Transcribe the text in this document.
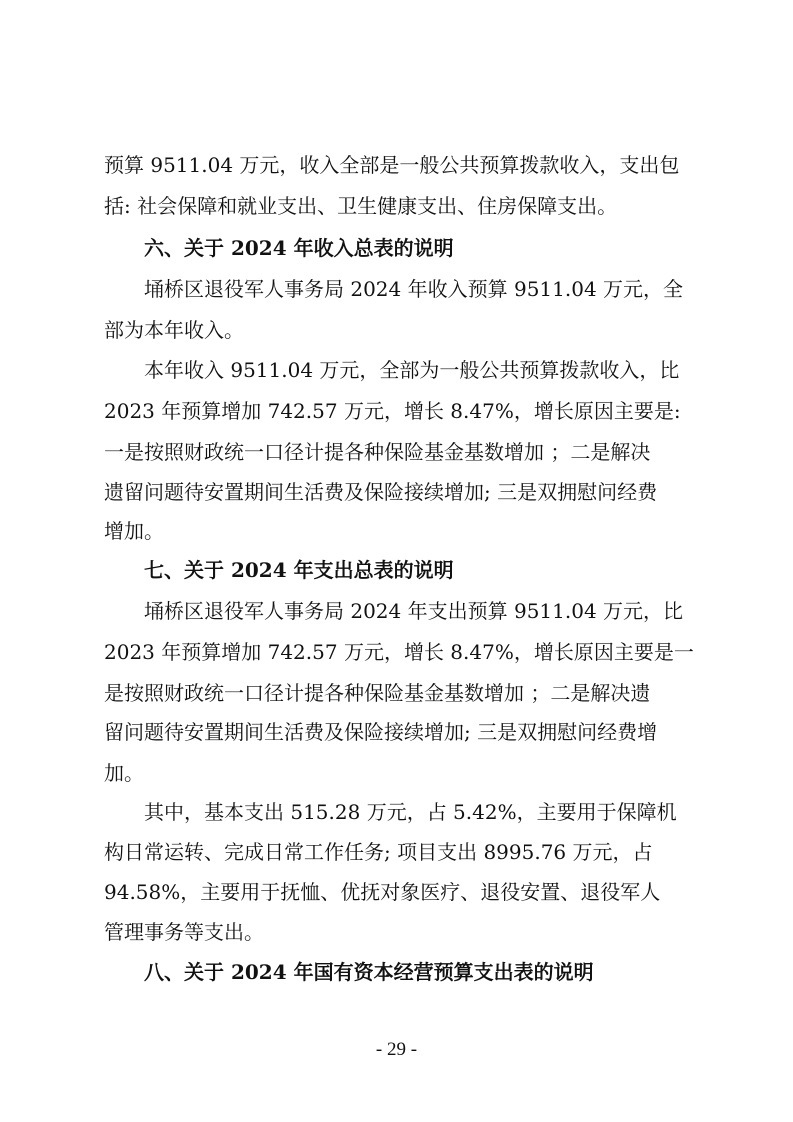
预算 9511.04 万元，收入全部是一般公共预算拨款收入，支出包
括: 社会保障和就业支出、卫生健康支出、住房保障支出。
六、关于 2024 年收入总表的说明
埇桥区退役军人事务局 2024 年收入预算 9511.04 万元，全
部为本年收入。
本年收入 9511.04 万元，全部为一般公共预算拨款收入，比
2023 年预算增加 742.57 万元，增长 8.47%，增长原因主要是:
一是按照财政统一口径计提各种保险基金基数增加 ；二是解决
遗留问题待安置期间生活费及保险接续增加; 三是双拥慰问经费
增加。
七、关于 2024 年支出总表的说明
埇桥区退役军人事务局 2024 年支出预算 9511.04 万元，比
2023 年预算增加 742.57 万元，增长 8.47%，增长原因主要是一
是按照财政统一口径计提各种保险基金基数增加 ；二是解决遗
留问题待安置期间生活费及保险接续增加; 三是双拥慰问经费增
加。
其中，基本支出 515.28 万元，占 5.42%，主要用于保障机
构日常运转、完成日常工作任务; 项目支出 8995.76 万元，占
94.58%，主要用于抚恤、优抚对象医疗、退役安置、退役军人
管理事务等支出。
八、关于 2024 年国有资本经营预算支出表的说明
- 29 -
